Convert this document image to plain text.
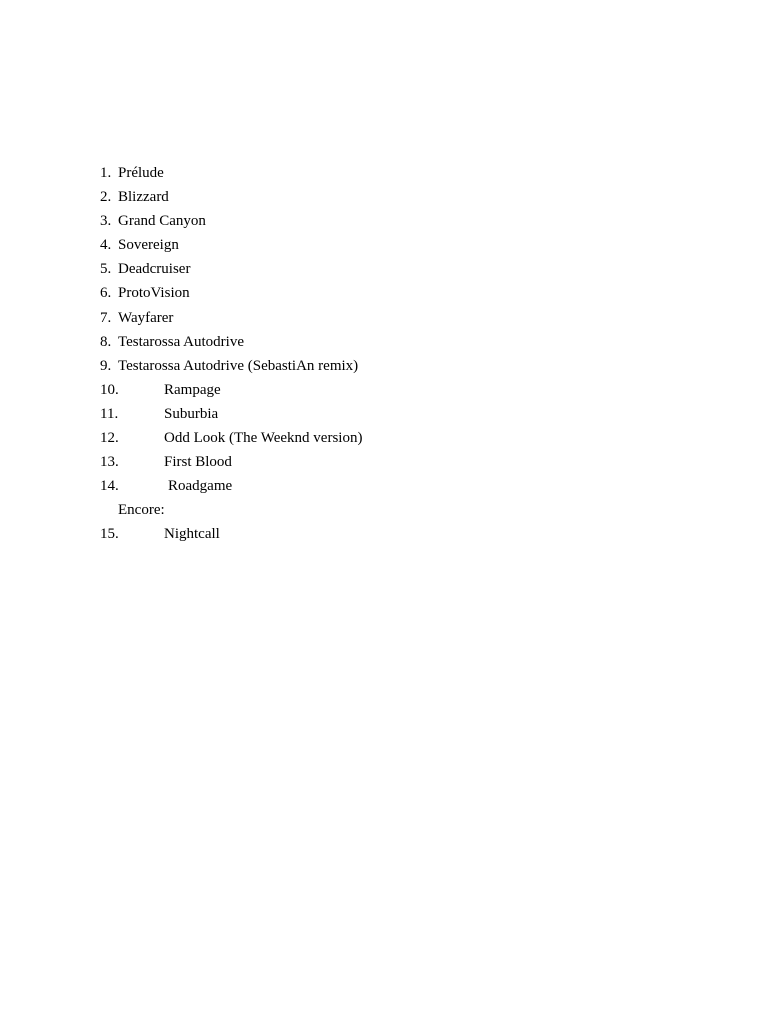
1.

Prélude

2.

Blizzard

3.

Grand Canyon

4.

Sovereign

5.

Deadcruiser

6.

ProtoVision

7.

Wayfarer

8.

Testarossa Autodrive

9.

Testarossa Autodrive (SebastiAn remix)

10.

	Rampage

11.

	Suburbia

12.

	Odd Look (The Weeknd version)

13.

	First Blood

14.

	Roadgame

Encore:

15.

	Nightcall
